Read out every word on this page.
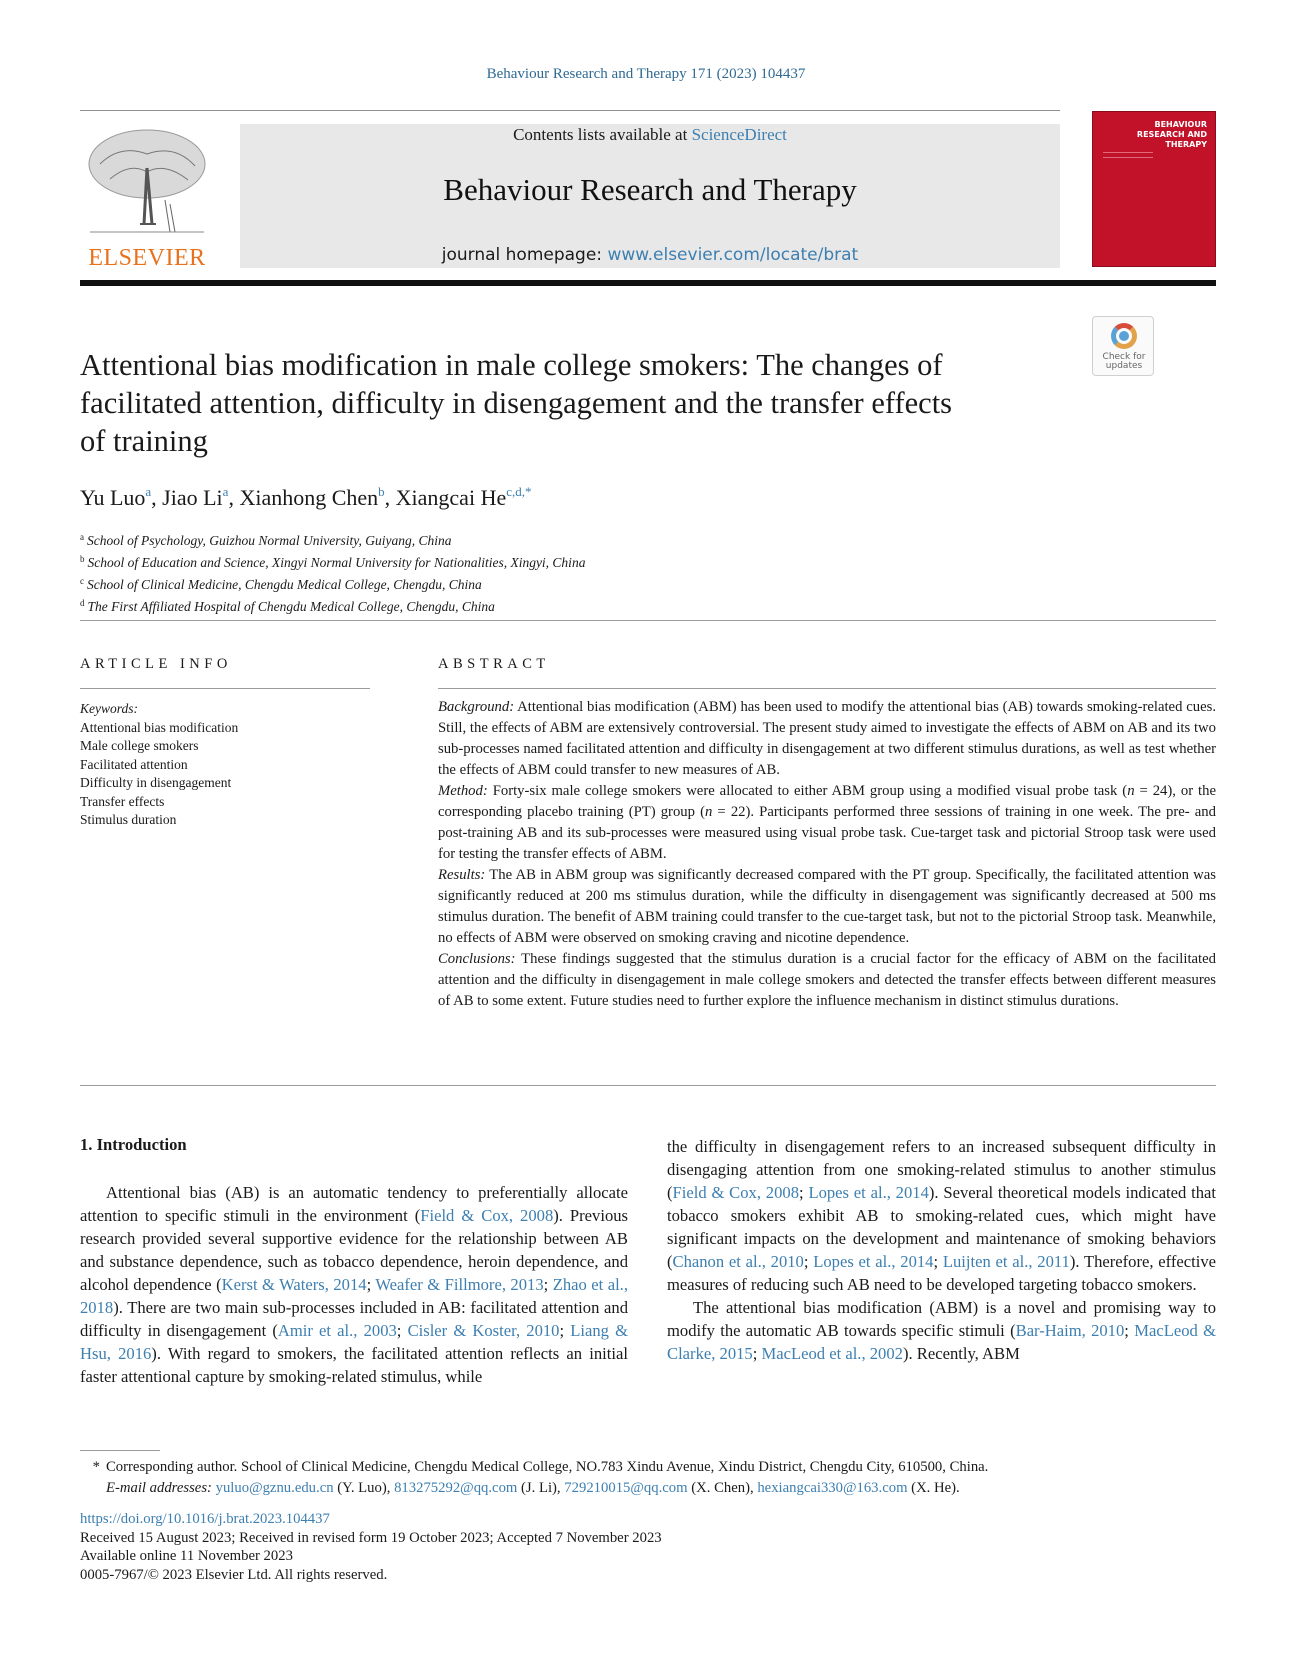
Behaviour Research and Therapy 171 (2023) 104437
ELSEVIER
Contents lists available at ScienceDirect
Behaviour Research and Therapy
journal homepage: www.elsevier.com/locate/brat
BEHAVIOUR
RESEARCH AND
THERAPY
Check for
updates
Attentional bias modification in male college smokers: The changes of
facilitated attention, difficulty in disengagement and the transfer effects
of training
Yu Luo$^a$, Jiao Li$^a$, Xianhong Chen$^b$, Xiangcai $He^{c,d,*}$
$^a$ School of Psychology, Guizhou Normal University, Guiyang, China
$^b$ School of Education and Science, Xingyi Normal University for Nationalities, Xingyi, China
$^c$ School of Clinical Medicine, Chengdu Medical College, Chengdu, China
$^d$ The First Affiliated Hospital of Chengdu Medical College, Chengdu, China
ARTICLE INFO
Keywords:
Attentional bias modification
Male college smokers
Facilitated attention
Difficulty in disengagement
Transfer effects
Stimulus duration
ABSTRACT

Background: Attentional bias modification (ABM) has been used to modify the attentional bias (AB) towards smoking-related cues. Still, the effects of ABM are extensively controversial. The present study aimed to investigate the effects of ABM on AB and its two sub-processes named facilitated attention and difficulty in disengagement at two different stimulus durations, as well as test whether the effects of ABM could transfer to new measures of AB.

Method: Forty-six male college smokers were allocated to either ABM group using a modified visual probe task (n = 24), or the corresponding placebo training (PT) group (n = 22). Participants performed three sessions of training in one week. The pre- and post-training AB and its sub-processes were measured using visual probe task. Cue-target task and pictorial Stroop task were used for testing the transfer effects of ABM.

Results: The AB in ABM group was significantly decreased compared with the PT group. Specifically, the facilitated attention was significantly reduced at 200 ms stimulus duration, while the difficulty in disengagement was significantly decreased at 500 ms stimulus duration. The benefit of ABM training could transfer to the cue-target task, but not to the pictorial Stroop task. Meanwhile, no effects of ABM were observed on smoking craving and nicotine dependence.

Conclusions: These findings suggested that the stimulus duration is a crucial factor for the efficacy of ABM on the facilitated attention and the difficulty in disengagement in male college smokers and detected the transfer effects between different measures of AB to some extent. Future studies need to further explore the influence mechanism in distinct stimulus durations.

1. Introduction

Attentional bias (AB) is an automatic tendency to preferentially allocate attention to specific stimuli in the environment (Field & Cox, 2008). Previous research provided several supportive evidence for the relationship between AB and substance dependence, such as tobacco dependence, heroin dependence, and alcohol dependence (Kerst & Waters, 2014; Weafer & Fillmore, 2013; Zhao et al., 2018). There are two main sub-processes included in AB: facilitated attention and difficulty in disengagement (Amir et al., 2003; Cisler & Koster, 2010; Liang & Hsu, 2016). With regard to smokers, the facilitated attention reflects an initial faster attentional capture by smoking-related stimulus, while

the difficulty in disengagement refers to an increased subsequent difficulty in disengaging attention from one smoking-related stimulus to another stimulus (Field & Cox, 2008; Lopes et al., 2014). Several theoretical models indicated that tobacco smokers exhibit AB to smoking-related cues, which might have significant impacts on the development and maintenance of smoking behaviors (Chanon et al., 2010; Lopes et al., 2014; Luijten et al., 2011). Therefore, effective measures of reducing such AB need to be developed targeting tobacco smokers.

The attentional bias modification (ABM) is a novel and promising way to modify the automatic AB towards specific stimuli (Bar-Haim, 2010; MacLeod & Clarke, 2015; MacLeod et al., 2002). Recently, ABM

* Corresponding author. School of Clinical Medicine, Chengdu Medical College, NO.783 Xindu Avenue, Xindu District, Chengdu City, 610500, China.
E-mail addresses: yuluo@gznu.edu.cn (Y. Luo), 813275292@qq.com (J. Li), 729210015@qq.com (X. Chen), hexiangcai330@163.com (X. He).
https://doi.org/10.1016/j.brat.2023.104437
Received 15 August 2023; Received in revised form 19 October 2023; Accepted 7 November 2023
Available online 11 November 2023
0005-7967/© 2023 Elsevier Ltd. All rights reserved.
